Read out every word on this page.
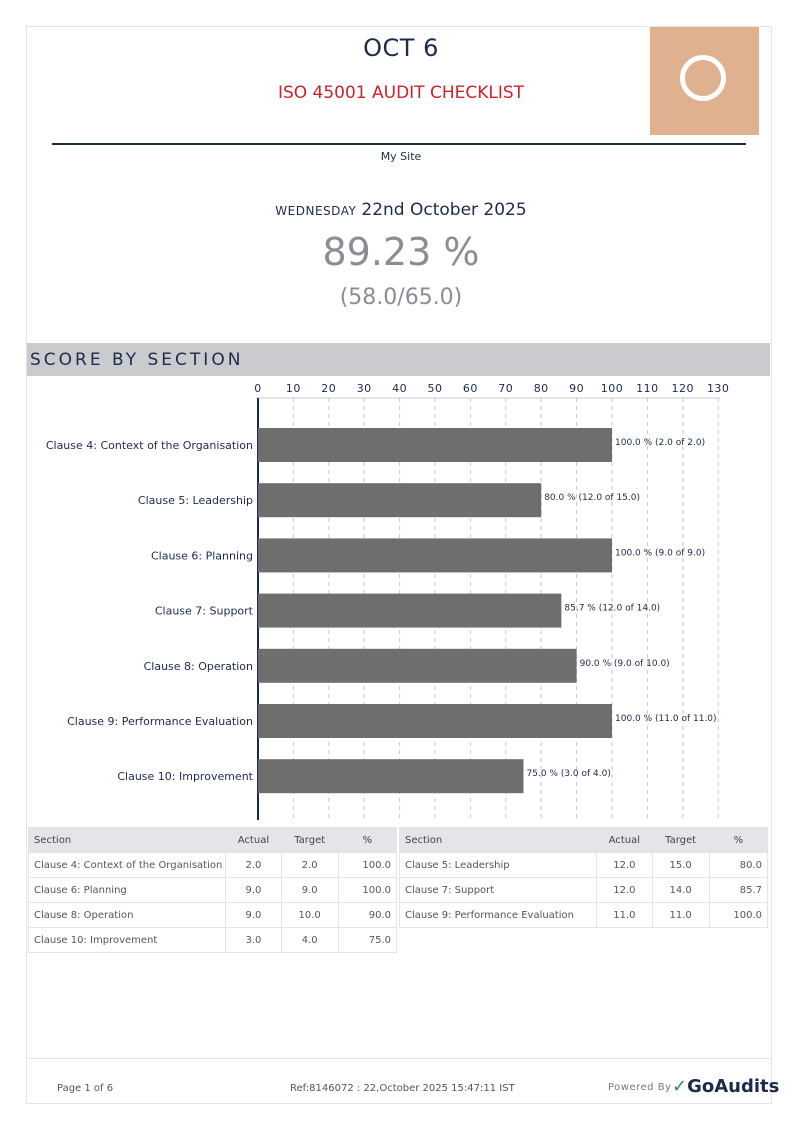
OCT 6
ISO 45001 AUDIT CHECKLIST
My Site
WEDNESDAY 22nd October 2025
89.23 %
(58.0/65.0)
SCORE BY SECTION
0 10 20 30 40 50 60 70 80 90 100 110 120 130
Clause 4: Context of the Organisation	100.0 % (2.0 of 2.0)
Clause 5: Leadership	80.0 % (12.0 of 15.0)
Clause 6: Planning	100.0 % (9.0 of 9.0)
Clause 7: Support	85.7 % (12.0 of 14.0)
Clause 8: Operation	90.0 % (9.0 of 10.0)
Clause 9: Performance Evaluation	100.0 % (11.0 of 11.0)
Clause 10: Improvement	75.0 % (3.0 of 4.0)
Section	Actual	Target	%
Clause 4: Context of the Organisation	2.0	2.0	100.0
Clause 6: Planning	9.0	9.0	100.0
Clause 8: Operation	9.0	10.0	90.0
Clause 10: Improvement	3.0	4.0	75.0
Section	Actual	Target	%
Clause 5: Leadership	12.0	15.0	80.0
Clause 7: Support	12.0	14.0	85.7
Clause 9: Performance Evaluation	11.0	11.0	100.0
Page 1 of 6	Ref:8146072 : 22,October 2025 15:47:11 IST	Powered By ✓GoAudits
